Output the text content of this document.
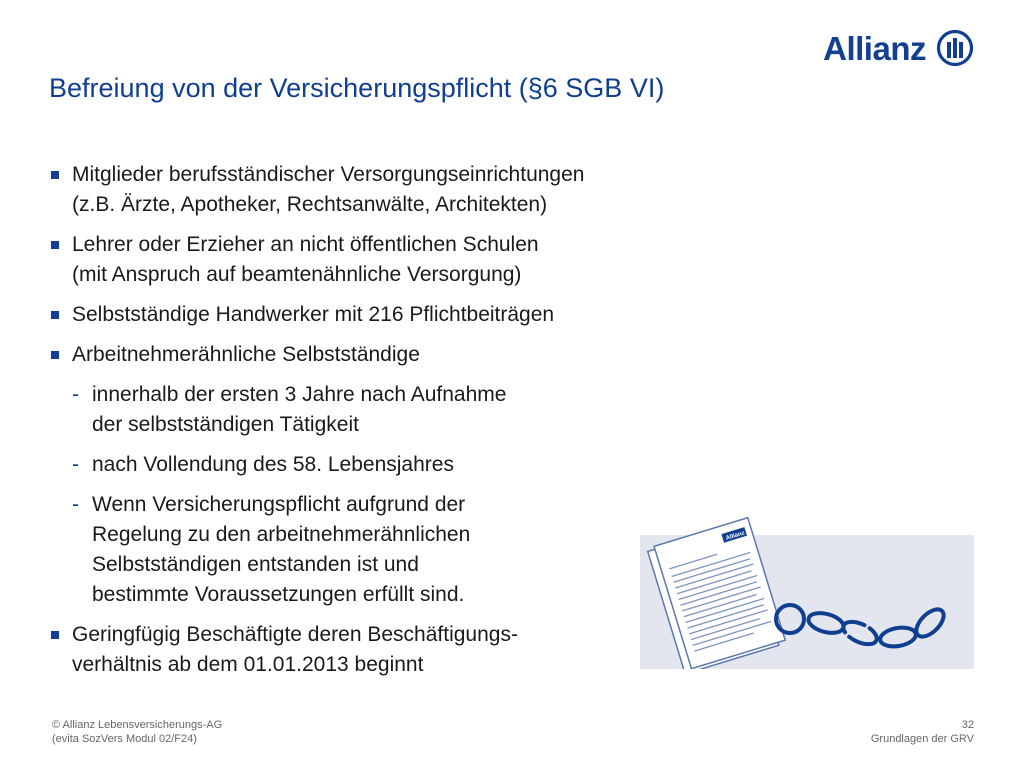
Allianz
Befreiung von der Versicherungspflicht (§6 SGB VI)
Mitglieder berufsständischer Versorgungseinrichtungen
(z.B. Ärzte, Apotheker, Rechtsanwälte, Architekten)
Lehrer oder Erzieher an nicht öffentlichen Schulen
(mit Anspruch auf beamtenähnliche Versorgung)
Selbstständige Handwerker mit 216 Pflichtbeiträgen
Arbeitnehmerähnliche Selbstständige
- innerhalb der ersten 3 Jahre nach Aufnahme
der selbstständigen Tätigkeit
- nach Vollendung des 58. Lebensjahres
- Wenn Versicherungspflicht aufgrund der
Regelung zu den arbeitnehmerähnlichen
Selbstständigen entstanden ist und
bestimmte Voraussetzungen erfüllt sind.
Geringfügig Beschäftigte deren Beschäftigungs-
verhältnis ab dem 01.01.2013 beginnt
Allianz
© Allianz Lebensversicherungs-AG
(evita SozVers Modul 02/F24)
32
Grundlagen der GRV
